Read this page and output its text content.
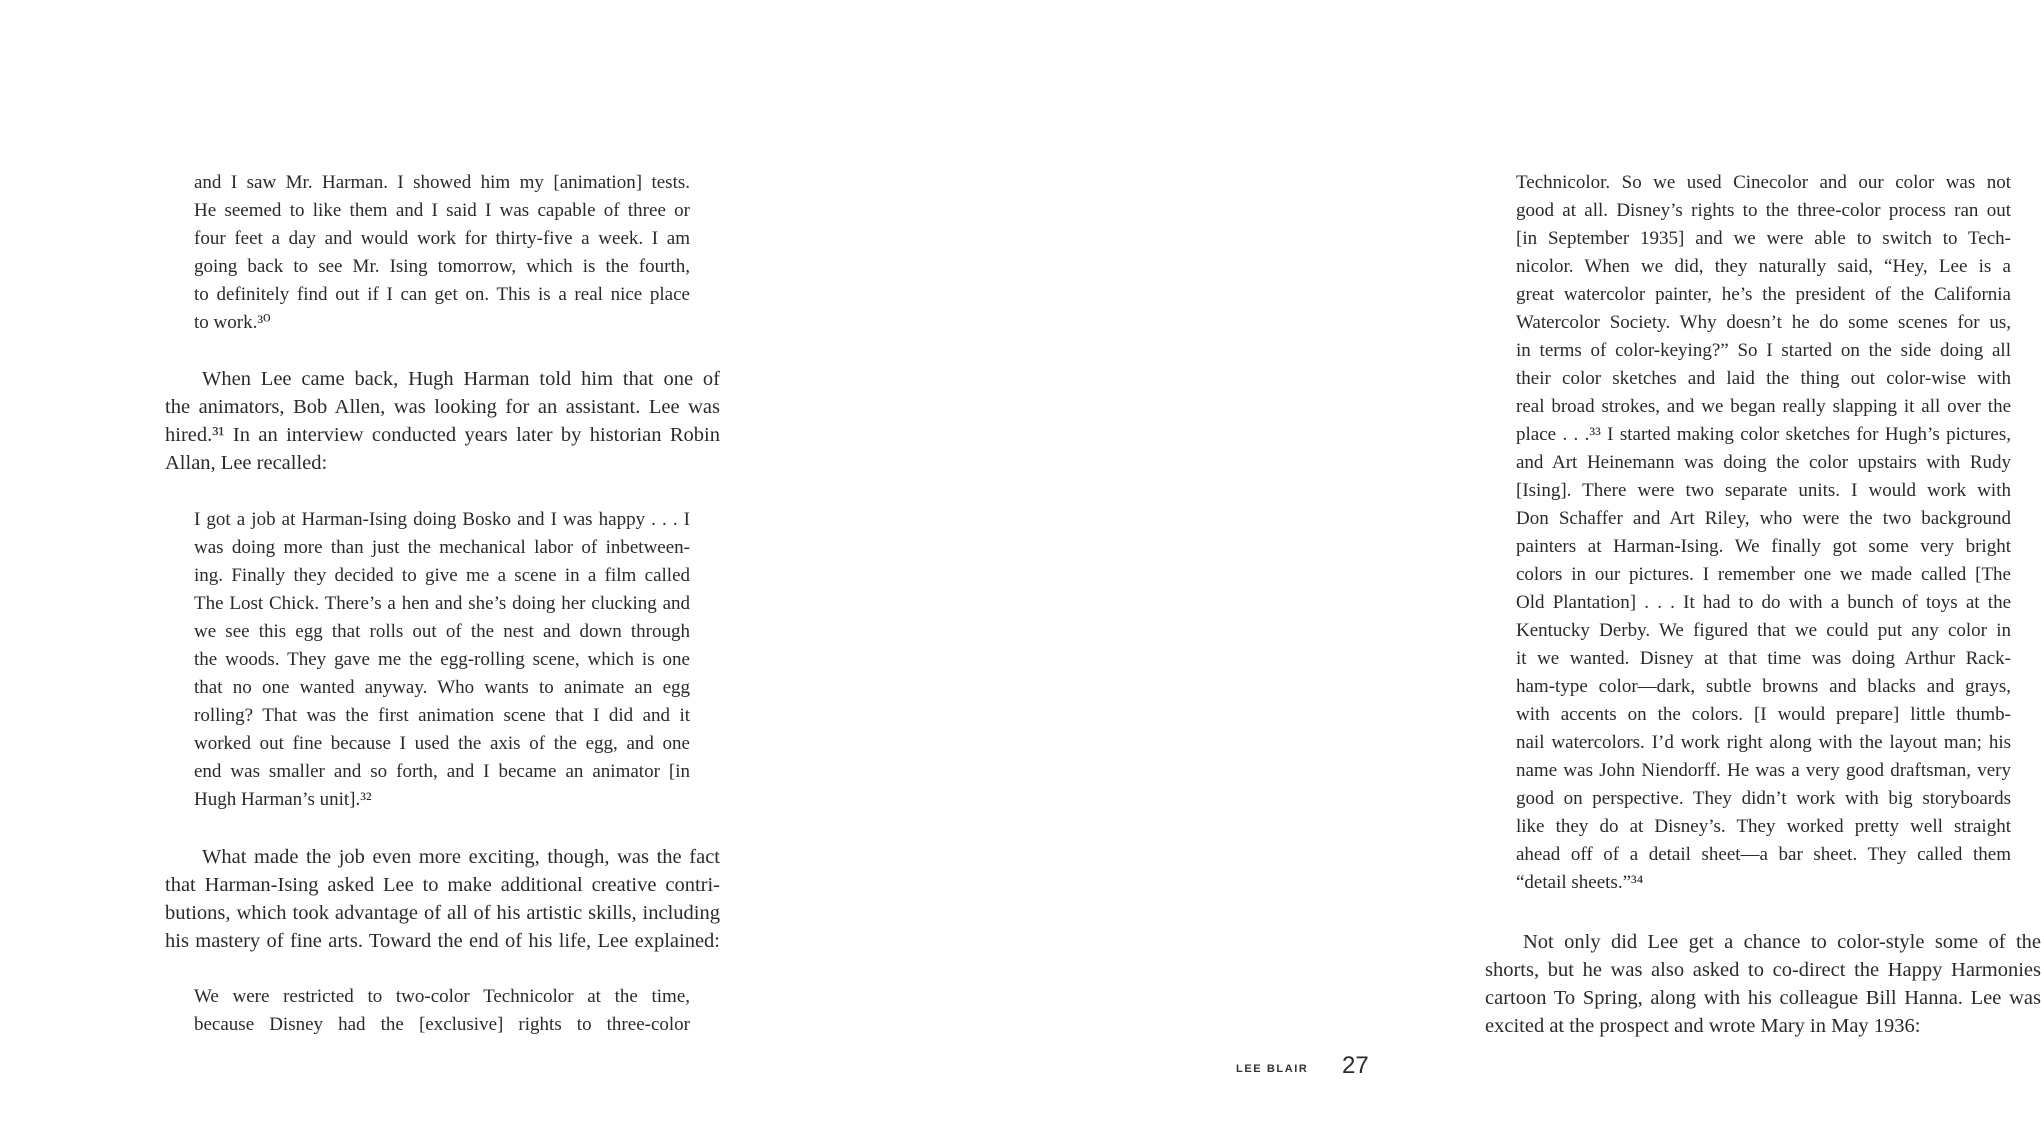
and I saw Mr. Harman. I showed him my [animation] tests.
He seemed to like them and I said I was capable of three or
four feet a day and would work for thirty-five a week. I am
going back to see Mr. Ising tomorrow, which is the fourth,
to definitely find out if I can get on. This is a real nice place
to work.³⁰
When Lee came back, Hugh Harman told him that one of
the animators, Bob Allen, was looking for an assistant. Lee was
hired.³¹ In an interview conducted years later by historian Robin
Allan, Lee recalled:
I got a job at Harman-Ising doing Bosko and I was happy . . . I
was doing more than just the mechanical labor of inbetween-
ing. Finally they decided to give me a scene in a film called
The Lost Chick. There’s a hen and she’s doing her clucking and
we see this egg that rolls out of the nest and down through
the woods. They gave me the egg-rolling scene, which is one
that no one wanted anyway. Who wants to animate an egg
rolling? That was the first animation scene that I did and it
worked out fine because I used the axis of the egg, and one
end was smaller and so forth, and I became an animator [in
Hugh Harman’s unit].³²
What made the job even more exciting, though, was the fact
that Harman-Ising asked Lee to make additional creative contri-
butions, which took advantage of all of his artistic skills, including
his mastery of fine arts. Toward the end of his life, Lee explained:
We were restricted to two-color Technicolor at the time,
because Disney had the [exclusive] rights to three-color
Technicolor. So we used Cinecolor and our color was not
good at all. Disney’s rights to the three-color process ran out
[in September 1935] and we were able to switch to Tech-
nicolor. When we did, they naturally said, “Hey, Lee is a
great watercolor painter, he’s the president of the California
Watercolor Society. Why doesn’t he do some scenes for us,
in terms of color-keying?” So I started on the side doing all
their color sketches and laid the thing out color-wise with
real broad strokes, and we began really slapping it all over the
place . . .³³ I started making color sketches for Hugh’s pictures,
and Art Heinemann was doing the color upstairs with Rudy
[Ising]. There were two separate units. I would work with
Don Schaffer and Art Riley, who were the two background
painters at Harman-Ising. We finally got some very bright
colors in our pictures. I remember one we made called [The
Old Plantation] . . . It had to do with a bunch of toys at the
Kentucky Derby. We figured that we could put any color in
it we wanted. Disney at that time was doing Arthur Rack-
ham-type color—dark, subtle browns and blacks and grays,
with accents on the colors. [I would prepare] little thumb-
nail watercolors. I’d work right along with the layout man; his
name was John Niendorff. He was a very good draftsman, very
good on perspective. They didn’t work with big storyboards
like they do at Disney’s. They worked pretty well straight
ahead off of a detail sheet—a bar sheet. They called them
“detail sheets.”³⁴
Not only did Lee get a chance to color-style some of the
shorts, but he was also asked to co-direct the Happy Harmonies
cartoon To Spring, along with his colleague Bill Hanna. Lee was
excited at the prospect and wrote Mary in May 1936:
LEE BLAIR 27
